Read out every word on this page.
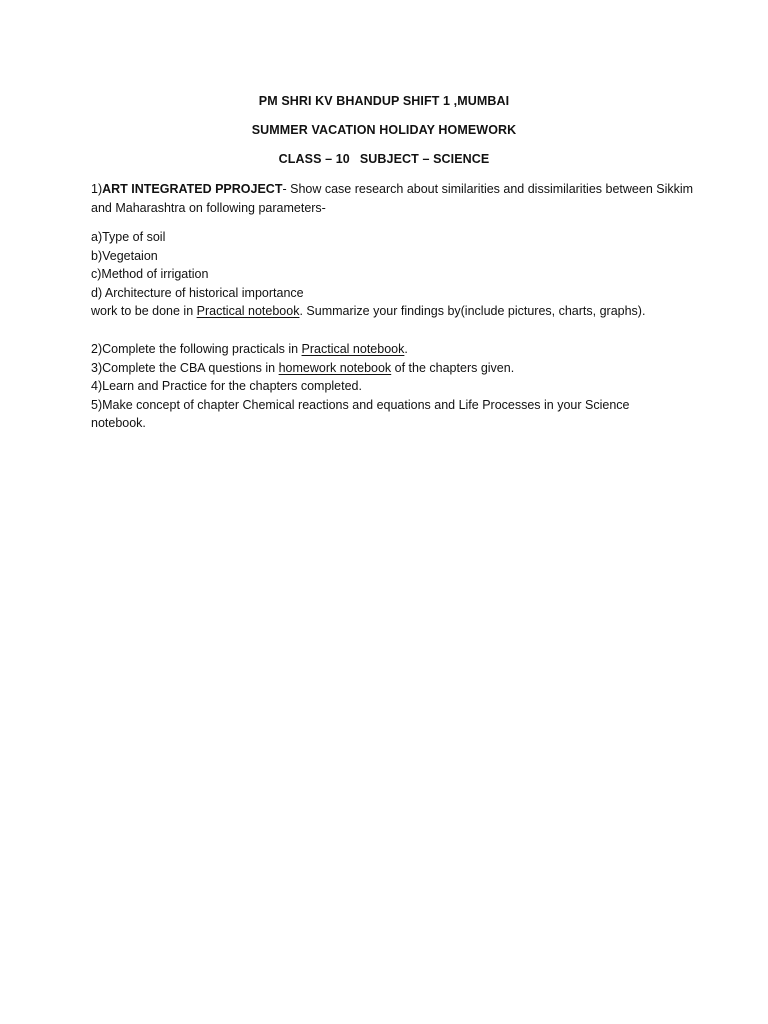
PM SHRI KV BHANDUP SHIFT 1 ,MUMBAI
SUMMER VACATION HOLIDAY HOMEWORK
CLASS – 10 SUBJECT – SCIENCE
1)ART INTEGRATED PPROJECT- Show case research about similarities and dissimilarities between Sikkim
and Maharashtra on following parameters-
a)Type of soil
b)Vegetaion
c)Method of irrigation
d) Architecture of historical importance
work to be done in Practical notebook. Summarize your findings by(include pictures, charts, graphs).
2)Complete the following practicals in Practical notebook.
3)Complete the CBA questions in homework notebook of the chapters given.
4)Learn and Practice for the chapters completed.
5)Make concept of chapter Chemical reactions and equations and Life Processes in your Science
notebook.
